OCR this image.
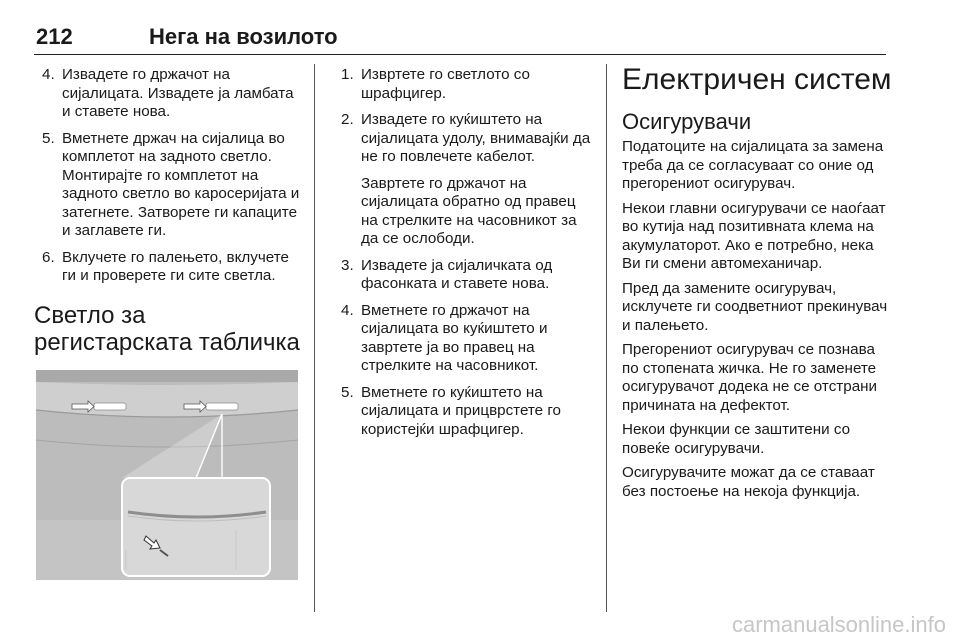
212	Нега на возилото
4. Извадете го држачот на сијалицата. Извадете ја ламбата и ставете нова.
5. Вметнете држач на сијалица во комплетот на задното светло. Монтирајте го комплетот на задното светло во каросеријата и затегнете. Затворете ги капаците и заглавете ги.
6. Вклучете го палењето, вклучете ги и проверете ги сите светла.
Светло за регистарската табличка
1. Извртете го светлото со шрафцигер.
2. Извадете го куќиштето на сијалицата удолу, внимавајќи да не го повлечете кабелот.
Завртете го држачот на сијалицата обратно од правец на стрелките на часовникот за да се ослободи.
3. Извадете ја сијаличката од фасонката и ставете нова.
4. Вметнете го држачот на сијалицата во куќиштето и завртете ја во правец на стрелките на часовникот.
5. Вметнете го куќиштето на сијалицата и прицврстете го користејќи шрафцигер.
Електричен систем
Осигурувачи

Податоците на сијалицата за замена треба да се согласуваат со оние од прегорениот осигурувач.

Некои главни осигурувачи се наоѓаат во кутија над позитивната клема на акумулаторот. Ако е потребно, нека Ви ги смени автомеханичар.

Пред да замените осигурувач, исклучете ги соодветниот прекинувач и палењето.

Прегорениот осигурувач се познава по стопената жичка. Не го заменете осигурувачот додека не се отстрани причината на дефектот.

Некои функции се заштитени со повеќе осигурувачи.

Осигурувачите можат да се ставаат без постоење на некоја функција.

carmanualsonline.info
